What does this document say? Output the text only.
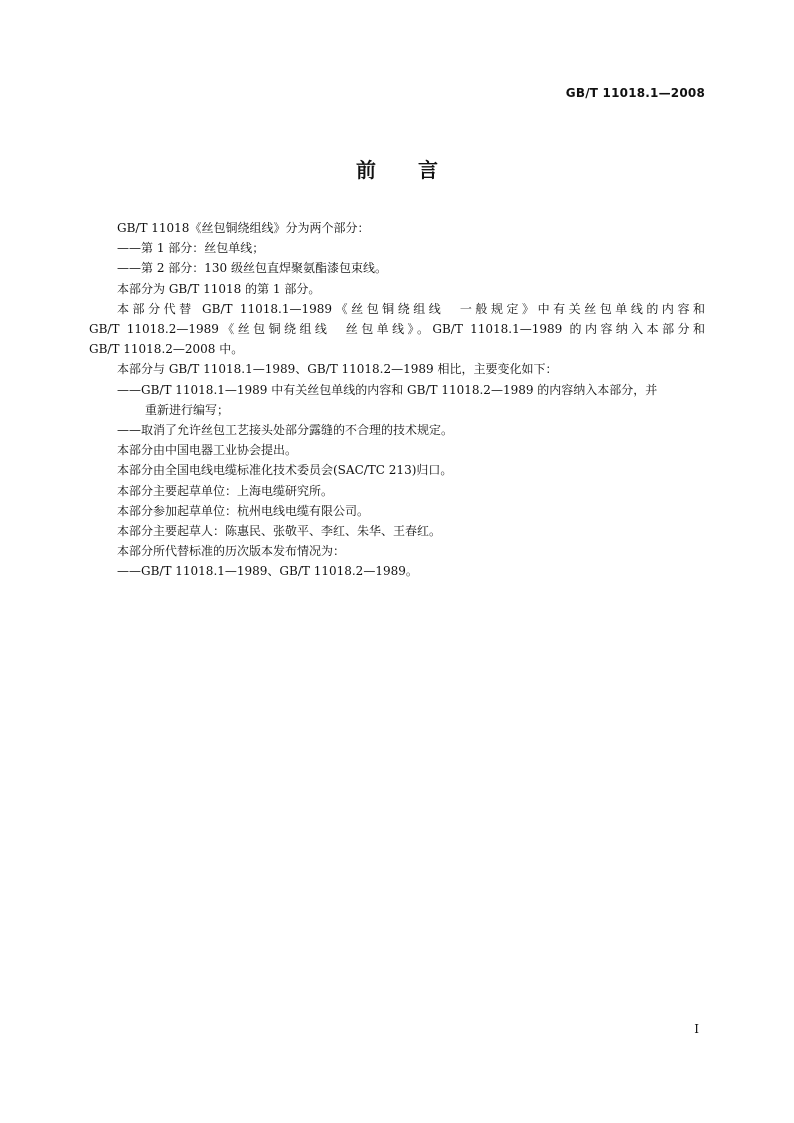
GB/T 11018.1—2008
前言

GB/T 11018《丝包铜绕组线》分为两个部分：

——第 1 部分：丝包单线；

——第 2 部分：130 级丝包直焊聚氨酯漆包束线。

本部分为 GB/T 11018 的第 1 部分。

本部分代替 GB/T 11018.1—1989《丝包铜绕组线　一般规定》中有关丝包单线的内容和

GB/T 11018.2—1989《丝包铜绕组线　丝包单线》。GB/T 11018.1—1989 的内容纳入本部分和

GB/T 11018.2—2008 中。

本部分与 GB/T 11018.1—1989、GB/T 11018.2—1989 相比，主要变化如下：

——GB/T 11018.1—1989 中有关丝包单线的内容和 GB/T 11018.2—1989 的内容纳入本部分，并

重新进行编写；

——取消了允许丝包工艺接头处部分露缝的不合理的技术规定。

本部分由中国电器工业协会提出。

本部分由全国电线电缆标准化技术委员会(SAC/TC 213)归口。

本部分主要起草单位：上海电缆研究所。

本部分参加起草单位：杭州电线电缆有限公司。

本部分主要起草人：陈惠民、张敬平、李红、朱华、王春红。

本部分所代替标准的历次版本发布情况为：

——GB/T 11018.1—1989、GB/T 11018.2—1989。

I
